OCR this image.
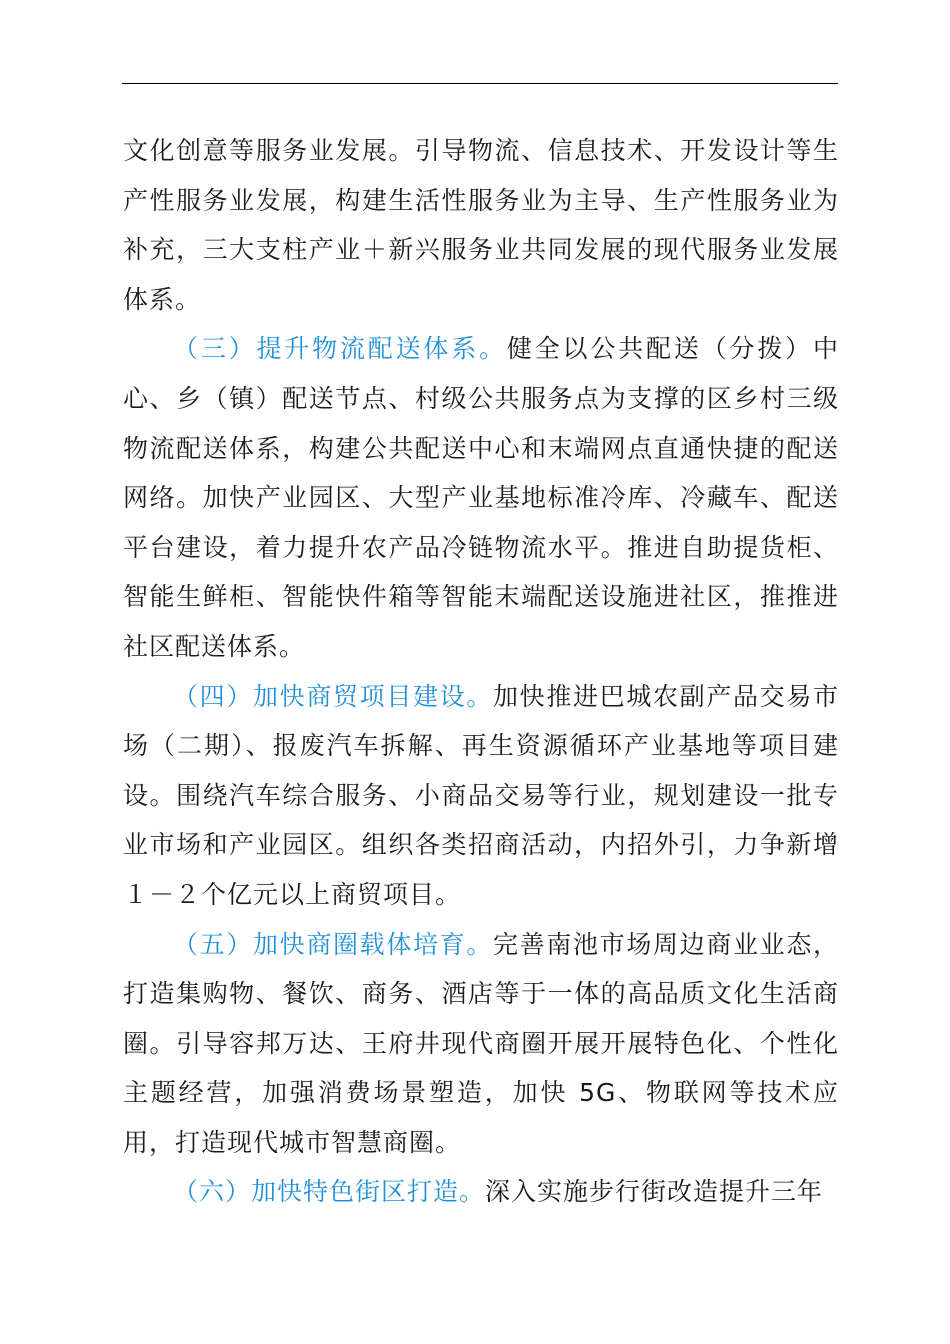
文化创意等服务业发展。引导物流、信息技术、开发设计等生产性服务业发展，构建生活性服务业为主导、生产性服务业为补充，三大支柱产业＋新兴服务业共同发展的现代服务业发展体系。

（三）提升物流配送体系。健全以公共配送（分拨）中心、乡（镇）配送节点、村级公共服务点为支撑的区乡村三级物流配送体系，构建公共配送中心和末端网点直通快捷的配送网络。加快产业园区、大型产业基地标准冷库、冷藏车、配送平台建设，着力提升农产品冷链物流水平。推进自助提货柜、智能生鲜柜、智能快件箱等智能末端配送设施进社区，推推进社区配送体系。

（四）加快商贸项目建设。加快推进巴城农副产品交易市场（二期）、报废汽车拆解、再生资源循环产业基地等项目建设。围绕汽车综合服务、小商品交易等行业，规划建设一批专业市场和产业园区。组织各类招商活动，内招外引，力争新增１－２个亿元以上商贸项目。

（五）加快商圈载体培育。完善南池市场周边商业业态，打造集购物、餐饮、商务、酒店等于一体的高品质文化生活商圈。引导容邦万达、王府井现代商圈开展开展特色化、个性化主题经营，加强消费场景塑造，加快 5G、物联网等技术应用，打造现代城市智慧商圈。

（六）加快特色街区打造。深入实施步行街改造提升三年
